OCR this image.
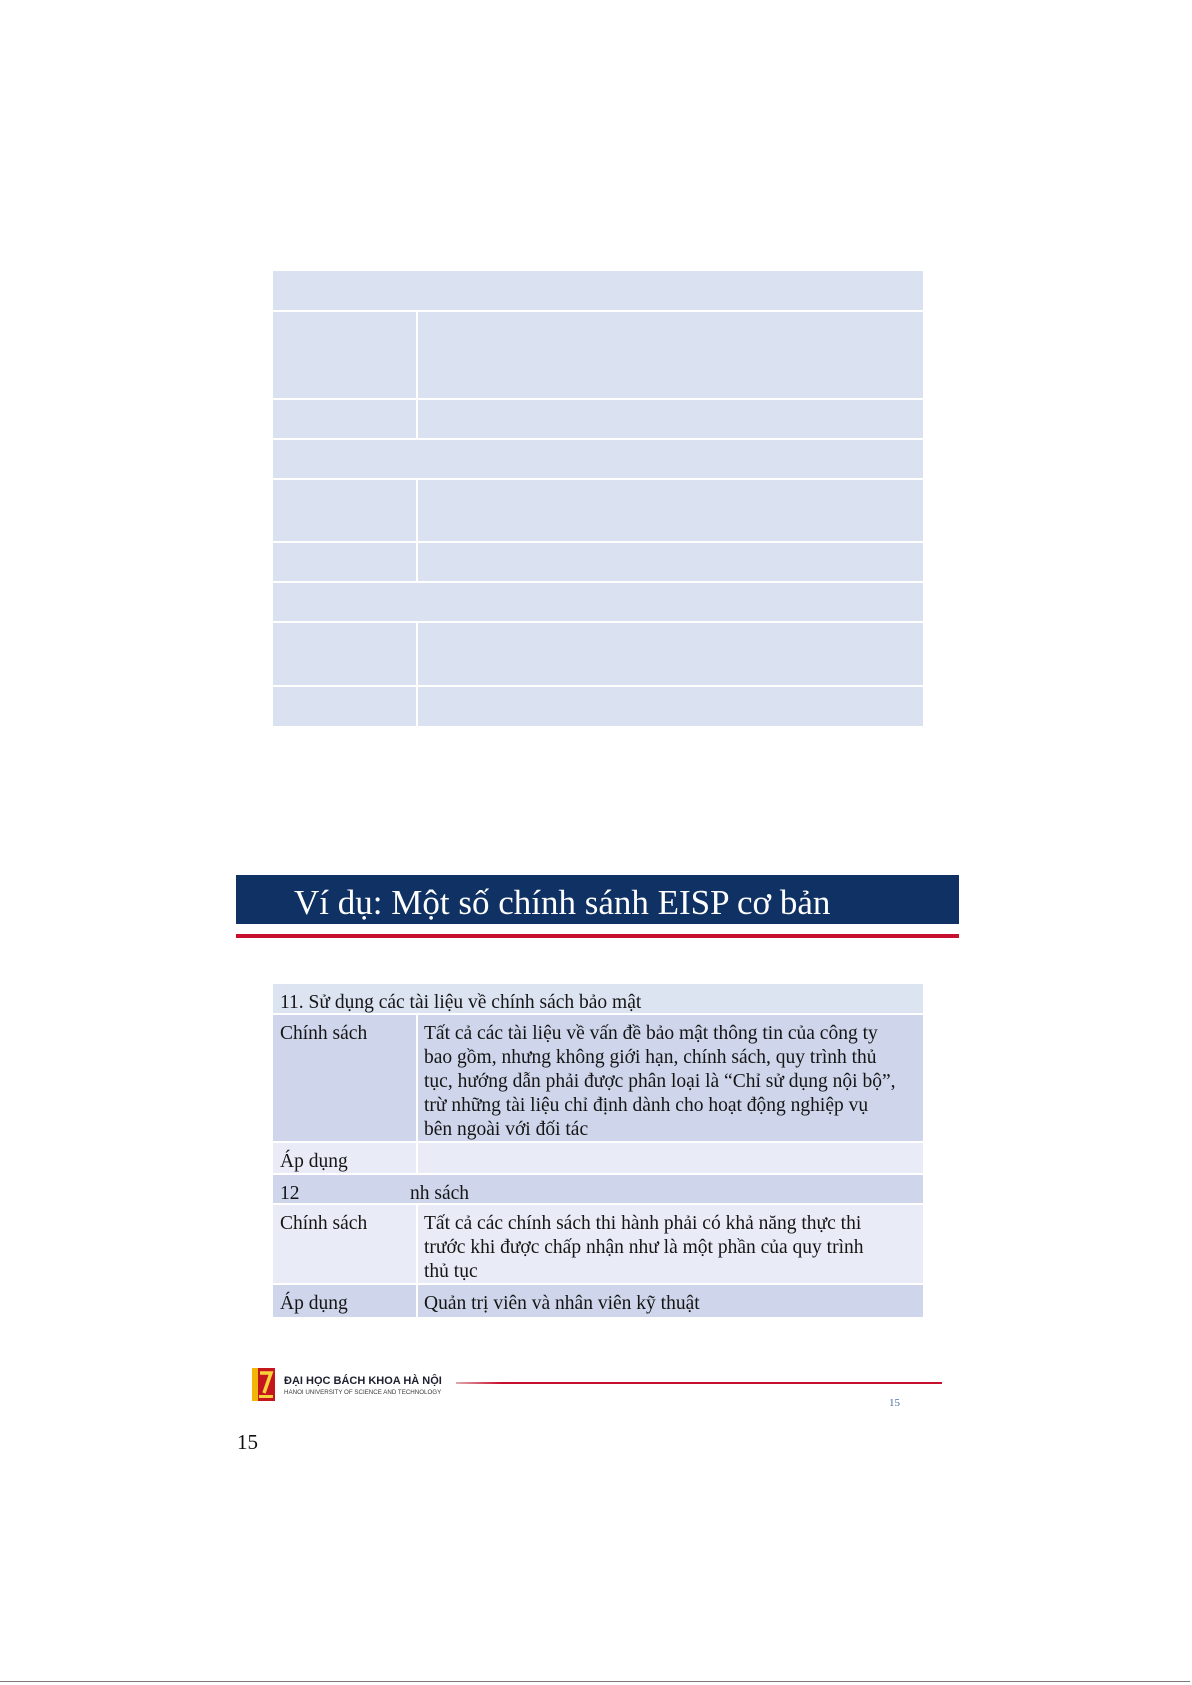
Ví dụ: Một số chính sánh EISP cơ bản
11. Sử dụng các tài liệu về chính sách bảo mật
Chính sách	Tất cả các tài liệu về vấn đề bảo mật thông tin của công ty
bao gồm, nhưng không giới hạn, chính sách, quy trình thủ
tục, hướng dẫn phải được phân loại là “Chỉ sử dụng nội bộ”,
trừ những tài liệu chỉ định dành cho hoạt động nghiệp vụ
bên ngoài với đối tác
Áp dụng
12	nh sách
Chính sách	Tất cả các chính sách thi hành phải có khả năng thực thi
trước khi được chấp nhận như là một phần của quy trình
thủ tục
Áp dụng	Quản trị viên và nhân viên kỹ thuật
ĐẠI HỌC BÁCH KHOA HÀ NỘI
HANOI UNIVERSITY OF SCIENCE AND TECHNOLOGY
15
15
